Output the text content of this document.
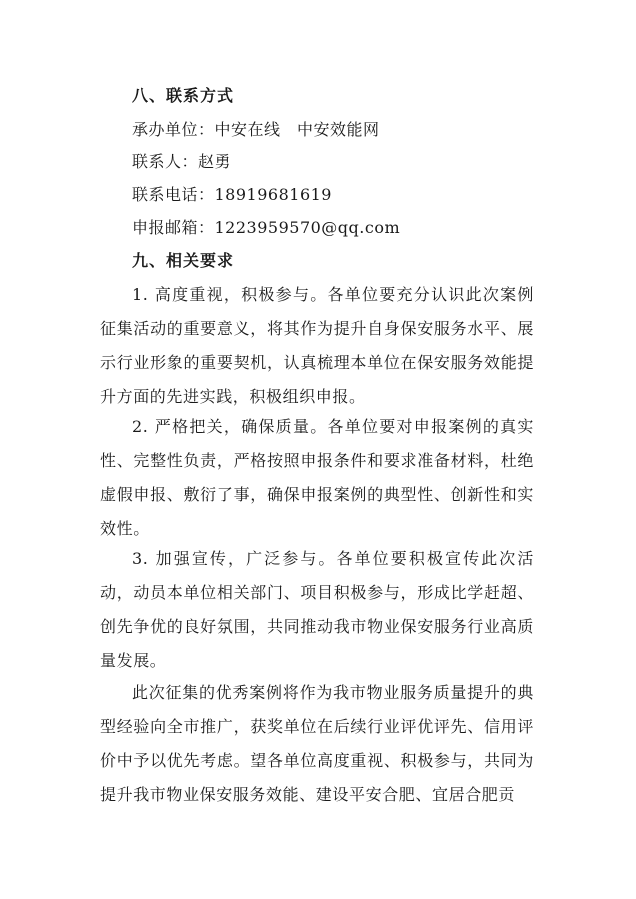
八、联系方式
承办单位：中安在线　中安效能网
联系人：赵勇
联系电话：18919681619
申报邮箱：1223959570@qq.com
九、相关要求
1. 高度重视，积极参与。各单位要充分认识此次案例征集活动的重要意义，将其作为提升自身保安服务水平、展示行业形象的重要契机，认真梳理本单位在保安服务效能提升方面的先进实践，积极组织申报。
2. 严格把关，确保质量。各单位要对申报案例的真实性、完整性负责，严格按照申报条件和要求准备材料，杜绝虚假申报、敷衍了事，确保申报案例的典型性、创新性和实效性。
3. 加强宣传，广泛参与。各单位要积极宣传此次活动，动员本单位相关部门、项目积极参与，形成比学赶超、创先争优的良好氛围，共同推动我市物业保安服务行业高质量发展。
此次征集的优秀案例将作为我市物业服务质量提升的典型经验向全市推广，获奖单位在后续行业评优评先、信用评价中予以优先考虑。望各单位高度重视、积极参与，共同为提升我市物业保安服务效能、建设平安合肥、宜居合肥贡
